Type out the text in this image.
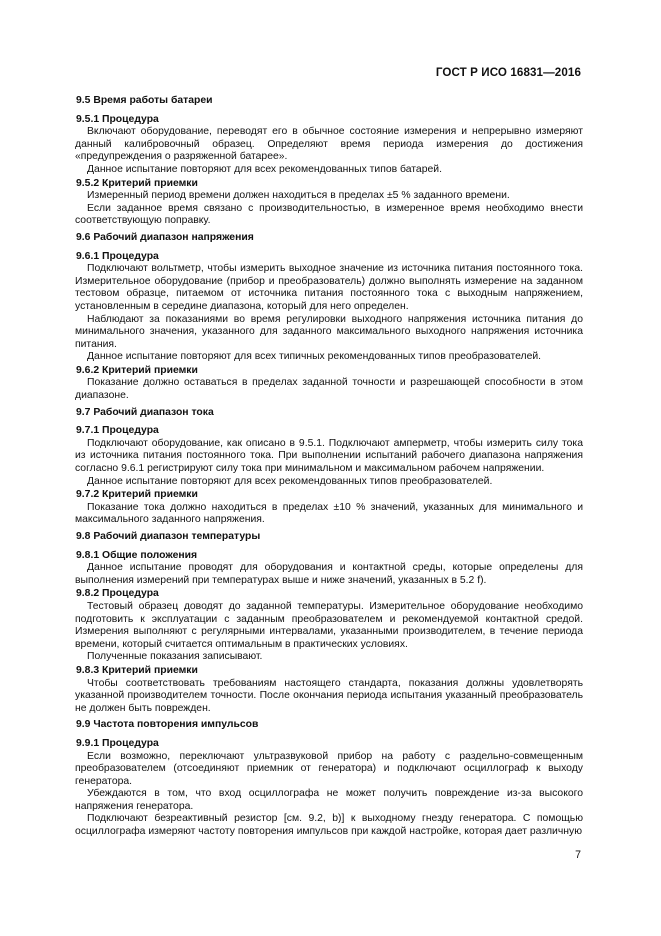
ГОСТ Р ИСО 16831—2016
9.5 Время работы батареи
9.5.1 Процедура

Включают оборудование, переводят его в обычное состояние измерения и непрерывно измеряют данный калибровочный образец. Определяют время периода измерения до достижения «предупреждения о разряженной батарее».

Данное испытание повторяют для всех рекомендованных типов батарей.

9.5.2 Критерий приемки

Измеренный период времени должен находиться в пределах ±5 % заданного времени.

Если заданное время связано с производительностью, в измеренное время необходимо внести соответствующую поправку.

9.6 Рабочий диапазон напряжения
9.6.1 Процедура

Подключают вольтметр, чтобы измерить выходное значение из источника питания постоянного тока. Измерительное оборудование (прибор и преобразователь) должно выполнять измерение на заданном тестовом образце, питаемом от источника питания постоянного тока с выходным напряжением, установленным в середине диапазона, который для него определен.

Наблюдают за показаниями во время регулировки выходного напряжения источника питания до минимального значения, указанного для заданного максимального выходного напряжения источника питания.

Данное испытание повторяют для всех типичных рекомендованных типов преобразователей.

9.6.2 Критерий приемки

Показание должно оставаться в пределах заданной точности и разрешающей способности в этом диапазоне.

9.7 Рабочий диапазон тока
9.7.1 Процедура

Подключают оборудование, как описано в 9.5.1. Подключают амперметр, чтобы измерить силу тока из источника питания постоянного тока. При выполнении испытаний рабочего диапазона напряжения согласно 9.6.1 регистрируют силу тока при минимальном и максимальном рабочем напряжении.

Данное испытание повторяют для всех рекомендованных типов преобразователей.

9.7.2 Критерий приемки

Показание тока должно находиться в пределах ±10 % значений, указанных для минимального и максимального заданного напряжения.

9.8 Рабочий диапазон температуры
9.8.1 Общие положения

Данное испытание проводят для оборудования и контактной среды, которые определены для выполнения измерений при температурах выше и ниже значений, указанных в 5.2 f).

9.8.2 Процедура

Тестовый образец доводят до заданной температуры. Измерительное оборудование необходимо подготовить к эксплуатации с заданным преобразователем и рекомендуемой контактной средой. Измерения выполняют с регулярными интервалами, указанными производителем, в течение периода времени, который считается оптимальным в практических условиях.

Полученные показания записывают.

9.8.3 Критерий приемки

Чтобы соответствовать требованиям настоящего стандарта, показания должны удовлетворять указанной производителем точности. После окончания периода испытания указанный преобразователь не должен быть поврежден.

9.9 Частота повторения импульсов
9.9.1 Процедура

Если возможно, переключают ультразвуковой прибор на работу с раздельно-совмещенным преобразователем (отсоединяют приемник от генератора) и подключают осциллограф к выходу генератора.

Убеждаются в том, что вход осциллографа не может получить повреждение из-за высокого напряжения генератора.

Подключают безреактивный резистор [см. 9.2, b)] к выходному гнезду генератора. С помощью осциллографа измеряют частоту повторения импульсов при каждой настройке, которая дает различную

7
